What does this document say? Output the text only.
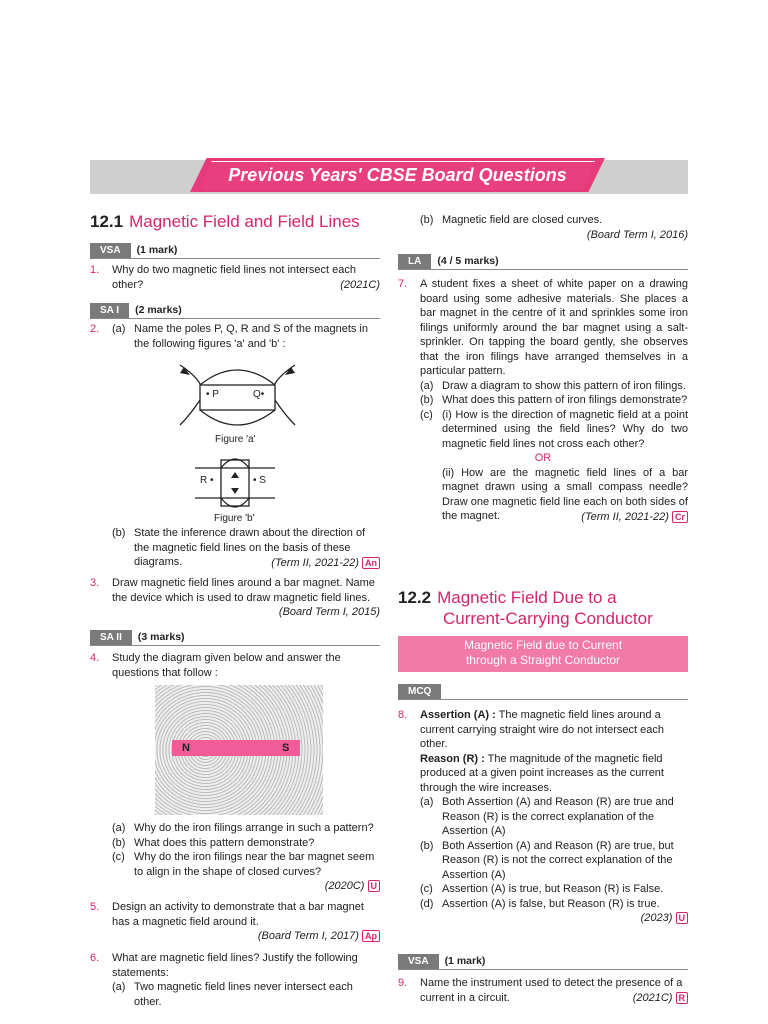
Previous Years' CBSE Board Questions
12.1 Magnetic Field and Field Lines
VSA (1 mark)
1. Why do two magnetic field lines not intersect each other?	(2021C)
SA I (2 marks)
2. (a) Name the poles P, Q, R and S of the magnets in the following figures 'a' and 'b' :
• P	Q•
Figure 'a'
R •	• S
Figure 'b'
(b) State the inference drawn about the direction of the magnetic field lines on the basis of these diagrams.	(Term II, 2021-22) An
3. Draw magnetic field lines around a bar magnet. Name the device which is used to draw magnetic field lines.
(Board Term I, 2015)
SA II (3 marks)
4. Study the diagram given below and answer the questions that follow :
N	S
(a) Why do the iron filings arrange in such a pattern?
(b) What does this pattern demonstrate?
(c) Why do the iron filings near the bar magnet seem to align in the shape of closed curves?
(2020C) U
5. Design an activity to demonstrate that a bar magnet has a magnetic field around it.
(Board Term I, 2017) Ap
6. What are magnetic field lines? Justify the following statements:
(a) Two magnetic field lines never intersect each other.
(b) Magnetic field are closed curves.
(Board Term I, 2016)
LA (4 / 5 marks)
7. A student fixes a sheet of white paper on a drawing board using some adhesive materials. She places a bar magnet in the centre of it and sprinkles some iron filings uniformly around the bar magnet using a salt-sprinkler. On tapping the board gently, she observes that the iron filings have arranged themselves in a particular pattern.
(a) Draw a diagram to show this pattern of iron filings.
(b) What does this pattern of iron filings demonstrate?
(c) (i) How is the direction of magnetic field at a point determined using the field lines? Why do two magnetic field lines not cross each other?
OR
(ii) How are the magnetic field lines of a bar magnet drawn using a small compass needle? Draw one magnetic field line each on both sides of the magnet.	(Term II, 2021-22) Cr
12.2 Magnetic Field Due to a
Current-Carrying Conductor
Magnetic Field due to Current
through a Straight Conductor
MCQ
8. Assertion (A) : The magnetic field lines around a current carrying straight wire do not intersect each other.
Reason (R) : The magnitude of the magnetic field produced at a given point increases as the current through the wire increases.
(a) Both Assertion (A) and Reason (R) are true and Reason (R) is the correct explanation of the Assertion (A)
(b) Both Assertion (A) and Reason (R) are true, but Reason (R) is not the correct explanation of the Assertion (A)
(c) Assertion (A) is true, but Reason (R) is False.
(d) Assertion (A) is false, but Reason (R) is true.
(2023) U
VSA (1 mark)
9. Name the instrument used to detect the presence of a current in a circuit.	(2021C) R
